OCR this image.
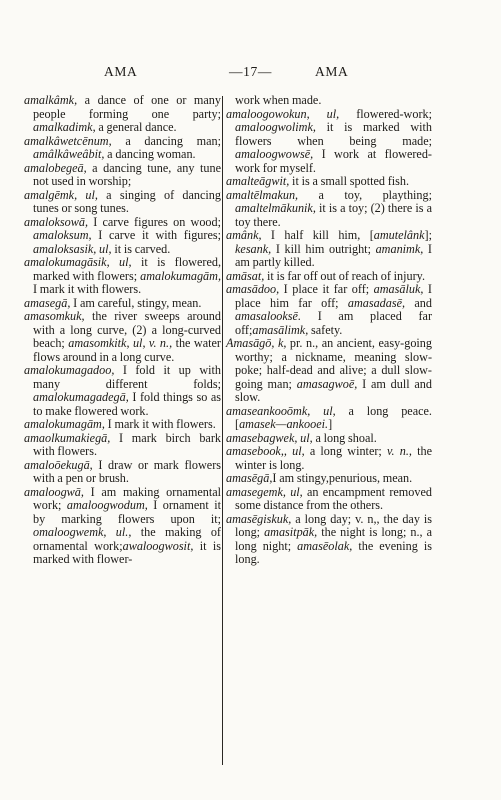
AMA	—17—	AMA
amalkâmk, a dance of one or many people forming one party; amalkadimk, a general dance.
amalkâwetcēnum, a dancing man; amâlkâweâbit, a dancing woman.
amalobegeā, a dancing tune, any tune not used in worship;
amalgēmk, ul, a singing of dancing tunes or song tunes.
amaloksowā, I carve figures on wood; amaloksum, I carve it with figures; amaloksasik, ul, it is carved.
amalokumagāsik, ul, it is flowered, marked with flowers; amalokumagām, I mark it with flowers.
amasegā, I am careful, stingy, mean.
amasomkuk, the river sweeps around with a long curve, (2) a long-curved beach; amasomkitk, ul, v. n., the water flows around in a long curve.
amalokumagadoo, I fold it up with many different folds; amalokumagadegā, I fold things so as to make flowered work.
amalokumagām, I mark it with flowers.
amaolkumakiegā, I mark birch bark with flowers.
amaloōekugā, I draw or mark flowers with a pen or brush.
amaloogwā, I am making ornamental work; amaloogwodum, I ornament it by marking flowers upon it; omaloogwemk, ul., the making of ornamental work;awaloogwosit, it is marked with flower-
work when made.
amaloogowokun, ul, flowered-work; amaloogwolimk, it is marked with flowers when being made; amaloogwowsē, I work at flowered-work for myself.
amalteāgwit, it is a small spotted fish.
amaltēlmakun, a toy, plaything; amaltelmākunik, it is a toy; (2) there is a toy there.
amânk, I half kill him, [amutelânk]; kesank, I kill him outright; amanimk, I am partly killed.
amāsat, it is far off out of reach of injury.
amasādoo, I place it far off; amasāluk, I place him far off; amasadasē, and amasalooksē. I am placed far off;amasālimk, safety.
Amasāgō, k, pr. n., an ancient, easy-going worthy; a nickname, meaning slow-poke; half-dead and alive; a dull slow-going man; amasagwoē, I am dull and slow.
amaseankooōmk, ul, a long peace. [amasek—ankooei.]
amasebagwek, ul, a long shoal.
amasebook,, ul, a long winter; v. n., the winter is long.
amasēgā,I am stingy,penurious, mean.
amasegemk, ul, an encampment removed some distance from the others.
amasēgiskuk, a long day; v. n,, the day is long; amasitpāk, the night is long; n., a long night; amasēolak, the evening is long.
